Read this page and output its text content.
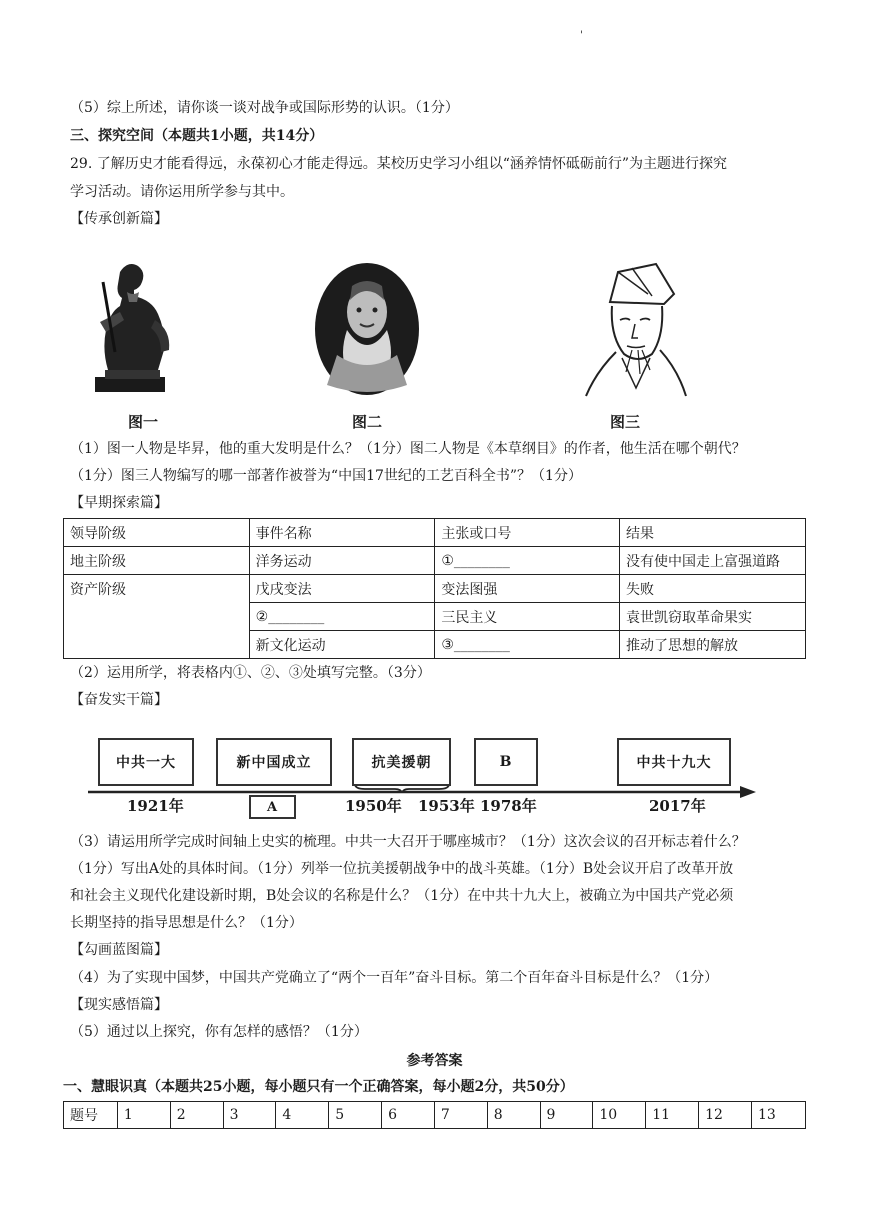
'
（5）综上所述，请你谈一谈对战争或国际形势的认识。（1分）
三、探究空间（本题共1小题，共14分）
29. 了解历史才能看得远，永葆初心才能走得远。某校历史学习小组以“涵养情怀砥砺前行”为主题进行探究
学习活动。请你运用所学参与其中。
【传承创新篇】
图一	图二	图三
（1）图一人物是毕昇，他的重大发明是什么？（1分）图二人物是《本草纲目》的作者，他生活在哪个朝代？
（1分）图三人物编写的哪一部著作被誉为“中国17世纪的工艺百科全书”？（1分）
【早期探索篇】
领导阶级	事件名称	主张或口号	结果
地主阶级	洋务运动	①________	没有使中国走上富强道路
资产阶级	戊戌变法	变法图强	失败
	②________	三民主义	袁世凯窃取革命果实
	新文化运动	③________	推动了思想的解放
（2）运用所学，将表格内①、②、③处填写完整。（3分）
【奋发实干篇】
中共一大	新中国成立	抗美援朝	B	中共十九大
A
1921年	1950年 1953年 1978年	2017年
（3）请运用所学完成时间轴上史实的梳理。中共一大召开于哪座城市？（1分）这次会议的召开标志着什么？
（1分）写出A处的具体时间。（1分）列举一位抗美援朝战争中的战斗英雄。（1分）B处会议开启了改革开放
和社会主义现代化建设新时期，B处会议的名称是什么？（1分）在中共十九大上，被确立为中国共产党必须
长期坚持的指导思想是什么？（1分）
【勾画蓝图篇】
（4）为了实现中国梦，中国共产党确立了“两个一百年”奋斗目标。第二个百年奋斗目标是什么？（1分）
【现实感悟篇】
（5）通过以上探究，你有怎样的感悟？（1分）
参考答案
一、慧眼识真（本题共25小题，每小题只有一个正确答案，每小题2分，共50分）
题号	1	2	3	4	5	6	7	8	9	10	11	12	13
